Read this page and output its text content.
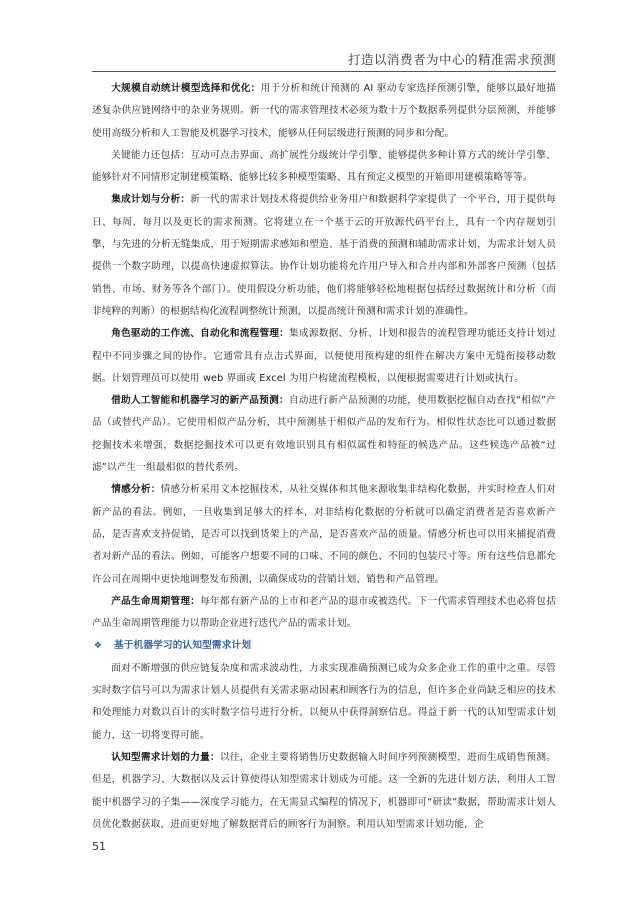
打造以消费者为中心的精准需求预测

大规模自动统计模型选择和优化：用于分析和统计预测的 AI 驱动专家选择预测引擎，能够以最好地描述复杂供应链网络中的杂业务规则。新一代的需求管理技术必须为数十万个数据系列提供分层预测，并能够使用高级分析和人工智能及机器学习技术，能够从任何层级进行预测的同步和分配。

关键能力还包括：互动可点击界面、高扩展性分级统计学引擎、能够提供多种计算方式的统计学引擎、能够针对不同情形定制建模策略、能够比较多种模型策略、具有预定义模型的开箱即用建模策略等等。

集成计划与分析：新一代的需求计划技术将提供给业务用户和数据科学家提供了一个平台，用于提供每日、每周、每月以及更长的需求预测。它将建立在一个基于云的开放源代码平台上，具有一个内存规划引擎，与先进的分析无缝集成，用于短期需求感知和塑造、基于消费的预测和辅助需求计划，为需求计划人员提供一个数字助理，以提高快速虚拟算法。协作计划功能将允许用户导入和合并内部和外部客户预测（包括销售、市场、财务等各个部门）。使用假设分析功能，他们将能够轻松地根据包括经过数据统计和分析（而非纯粹的判断）的根据结构化流程调整统计预测，以提高统计预测和需求计划的准确性。

角色驱动的工作流、自动化和流程管理：集成源数据、分析、计划和报告的流程管理功能还支持计划过程中不同步骤之间的协作。它通常具有点击式界面，以便使用预构建的组件在解决方案中无缝衔接移动数据。计划管理员可以使用 web 界面或 Excel 为用户构建流程模板，以便根据需要进行计划或执行。

借助人工智能和机器学习的新产品预测：自动进行新产品预测的功能，使用数据挖掘自动查找“相似”产品（或替代产品）。它使用相似产品分析，其中预测基于相似产品的发布行为。相似性状态比可以通过数据挖掘技术来增强，数据挖掘技术可以更有效地识别具有相似属性和特征的候选产品。这些候选产品被“过滤”以产生一组最相似的替代系列。

情感分析：情感分析采用文本挖掘技术，从社交媒体和其他来源收集非结构化数据，并实时检查人们对新产品的看法。例如，一旦收集到足够大的样本，对非结构化数据的分析就可以确定消费者是否喜欢新产品，是否喜欢支持促销，是否可以找到货架上的产品，是否喜欢产品的质量。情感分析也可以用来捕捉消费者对新产品的看法。例如，可能客户想要不同的口味、不同的颜色、不同的包装尺寸等。所有这些信息都允许公司在周期中更快地调整发布预测，以确保成功的营销计划、销售和产品管理。

产品生命周期管理：每年都有新产品的上市和老产品的退市或被迭代。下一代需求管理技术也必将包括产品生命周期管理能力以帮助企业进行迭代产品的需求计划。

❖ 基于机器学习的认知型需求计划

面对不断增强的供应链复杂度和需求波动性，力求实现准确预测已成为众多企业工作的重中之重。尽管实时数字信号可以为需求计划人员提供有关需求驱动因素和顾客行为的信息，但许多企业尚缺乏相应的技术和处理能力对数以百计的实时数字信号进行分析，以便从中获得洞察信息。得益于新一代的认知型需求计划能力，这一切将变得可能。

认知型需求计划的力量：以往，企业主要将销售历史数据输入时间序列预测模型，进而生成销售预测。但是，机器学习、大数据以及云计算使得认知型需求计划成为可能。这一全新的先进计划方法，利用人工智能中机器学习的子集——深度学习能力，在无需显式编程的情况下，机器即可“研读”数据，帮助需求计划人员优化数据获取，进而更好地了解数据背后的顾客行为洞察。利用认知型需求计划功能，企

51
